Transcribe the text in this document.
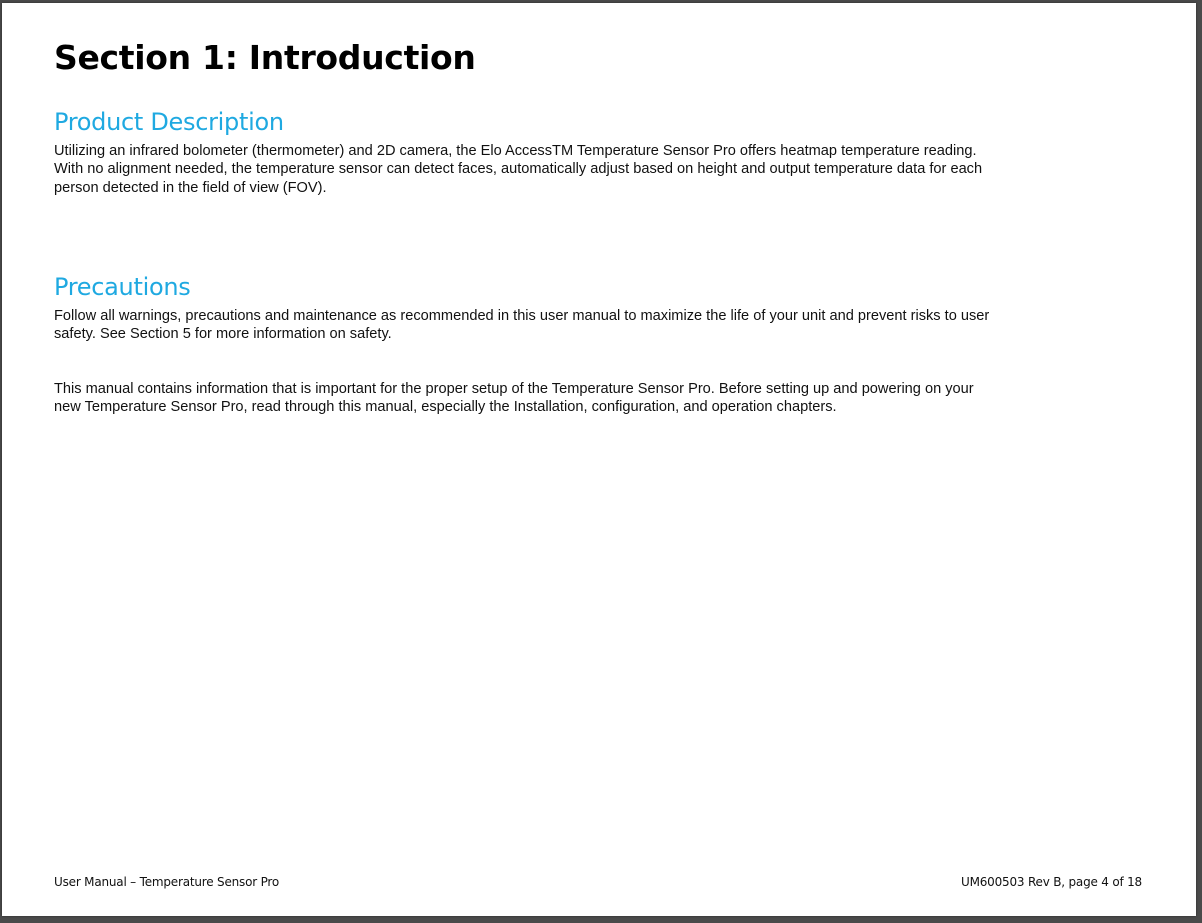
Section 1: Introduction
Product Description

Utilizing an infrared bolometer (thermometer) and 2D camera, the Elo AccessTM Temperature Sensor Pro offers heatmap temperature reading. With no alignment needed, the temperature sensor can detect faces, automatically adjust based on height and output temperature data for each person detected in the field of view (FOV).

Precautions

Follow all warnings, precautions and maintenance as recommended in this user manual to maximize the life of your unit and prevent risks to user safety. See Section 5 for more information on safety.

This manual contains information that is important for the proper setup of the Temperature Sensor Pro. Before setting up and powering on your new Temperature Sensor Pro, read through this manual, especially the Installation, configuration, and operation chapters.

User Manual – Temperature Sensor Pro	UM600503 Rev B, page 4 of 18
